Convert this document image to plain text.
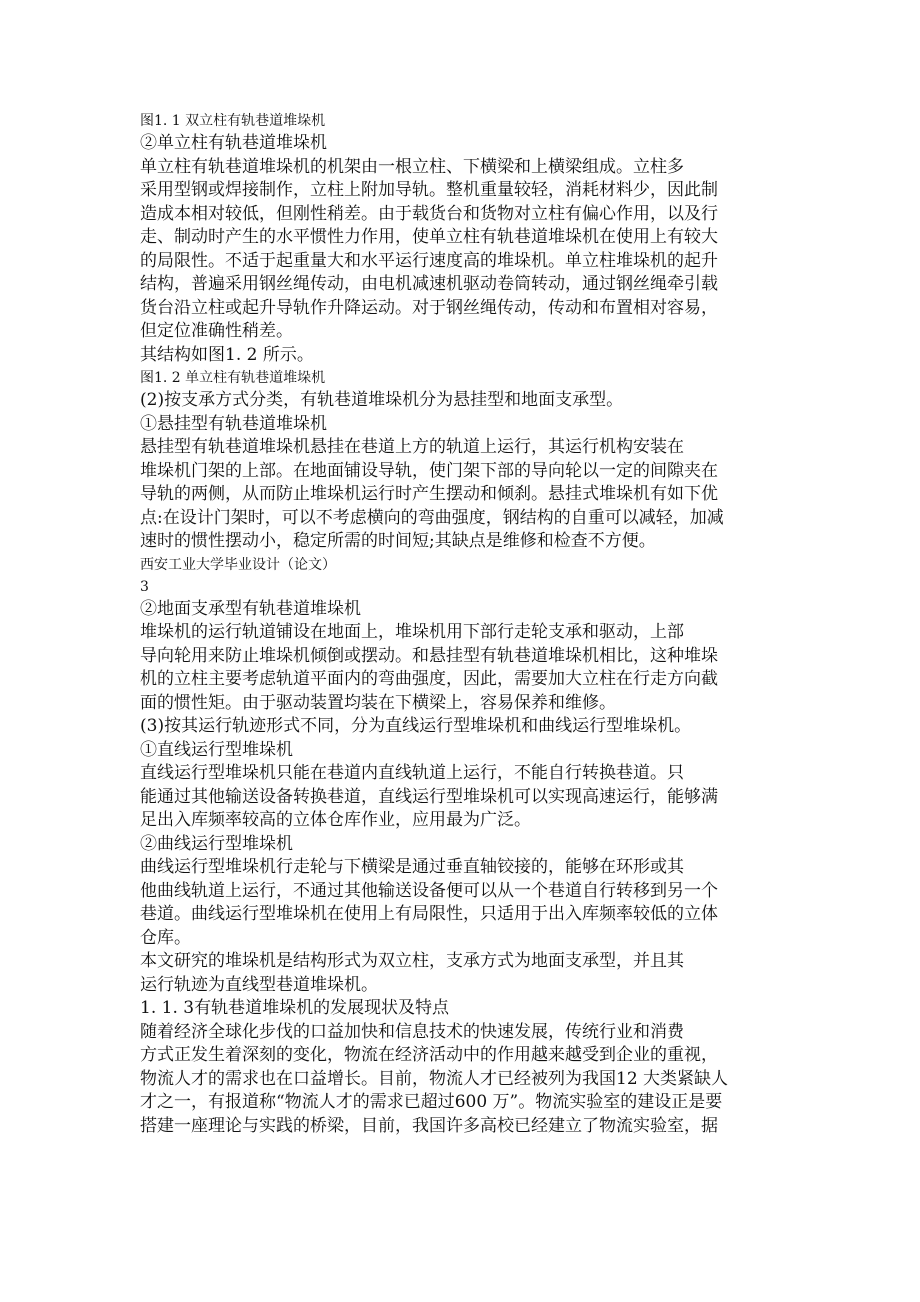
图1. 1 双立柱有轨巷道堆垛机
②单立柱有轨巷道堆垛机
单立柱有轨巷道堆垛机的机架由一根立柱、下横梁和上横梁组成。立柱多
采用型钢或焊接制作，立柱上附加导轨。整机重量较轻，消耗材料少，因此制
造成本相对较低，但刚性稍差。由于载货台和货物对立柱有偏心作用，以及行
走、制动时产生的水平惯性力作用，使单立柱有轨巷道堆垛机在使用上有较大
的局限性。不适于起重量大和水平运行速度高的堆垛机。单立柱堆垛机的起升
结构，普遍采用钢丝绳传动，由电机减速机驱动卷筒转动，通过钢丝绳牵引载
货台沿立柱或起升导轨作升降运动。对于钢丝绳传动，传动和布置相对容易，
但定位准确性稍差。
其结构如图1. 2 所示。
图1. 2 单立柱有轨巷道堆垛机
(2)按支承方式分类，有轨巷道堆垛机分为悬挂型和地面支承型。
①悬挂型有轨巷道堆垛机
悬挂型有轨巷道堆垛机悬挂在巷道上方的轨道上运行，其运行机构安装在
堆垛机门架的上部。在地面铺设导轨，使门架下部的导向轮以一定的间隙夹在
导轨的两侧，从而防止堆垛机运行时产生摆动和倾刹。悬挂式堆垛机有如下优
点:在设计门架时，可以不考虑横向的弯曲强度，钢结构的自重可以减轻，加减
速时的惯性摆动小，稳定所需的时间短;其缺点是维修和检查不方便。
西安工业大学毕业设计（论文）
3
②地面支承型有轨巷道堆垛机
堆垛机的运行轨道铺设在地面上，堆垛机用下部行走轮支承和驱动，上部
导向轮用来防止堆垛机倾倒或摆动。和悬挂型有轨巷道堆垛机相比，这种堆垛
机的立柱主要考虑轨道平面内的弯曲强度，因此，需要加大立柱在行走方向截
面的惯性矩。由于驱动装置均装在下横梁上，容易保养和维修。
(3)按其运行轨迹形式不同，分为直线运行型堆垛机和曲线运行型堆垛机。
①直线运行型堆垛机
直线运行型堆垛机只能在巷道内直线轨道上运行，不能自行转换巷道。只
能通过其他输送设备转换巷道，直线运行型堆垛机可以实现高速运行，能够满
足出入库频率较高的立体仓库作业，应用最为广泛。
②曲线运行型堆垛机
曲线运行型堆垛机行走轮与下横梁是通过垂直轴铰接的，能够在环形或其
他曲线轨道上运行，不通过其他输送设备便可以从一个巷道自行转移到另一个
巷道。曲线运行型堆垛机在使用上有局限性，只适用于出入库频率较低的立体
仓库。
本文研究的堆垛机是结构形式为双立柱，支承方式为地面支承型，并且其
运行轨迹为直线型巷道堆垛机。
1. 1. 3有轨巷道堆垛机的发展现状及特点
随着经济全球化步伐的口益加快和信息技术的快速发展，传统行业和消费
方式正发生着深刻的变化，物流在经济活动中的作用越来越受到企业的重视，
物流人才的需求也在口益增长。目前，物流人才已经被列为我国12 大类紧缺人
才之一，有报道称“物流人才的需求已超过600 万”。物流实验室的建设正是要
搭建一座理论与实践的桥梁，目前，我国许多高校已经建立了物流实验室，据
